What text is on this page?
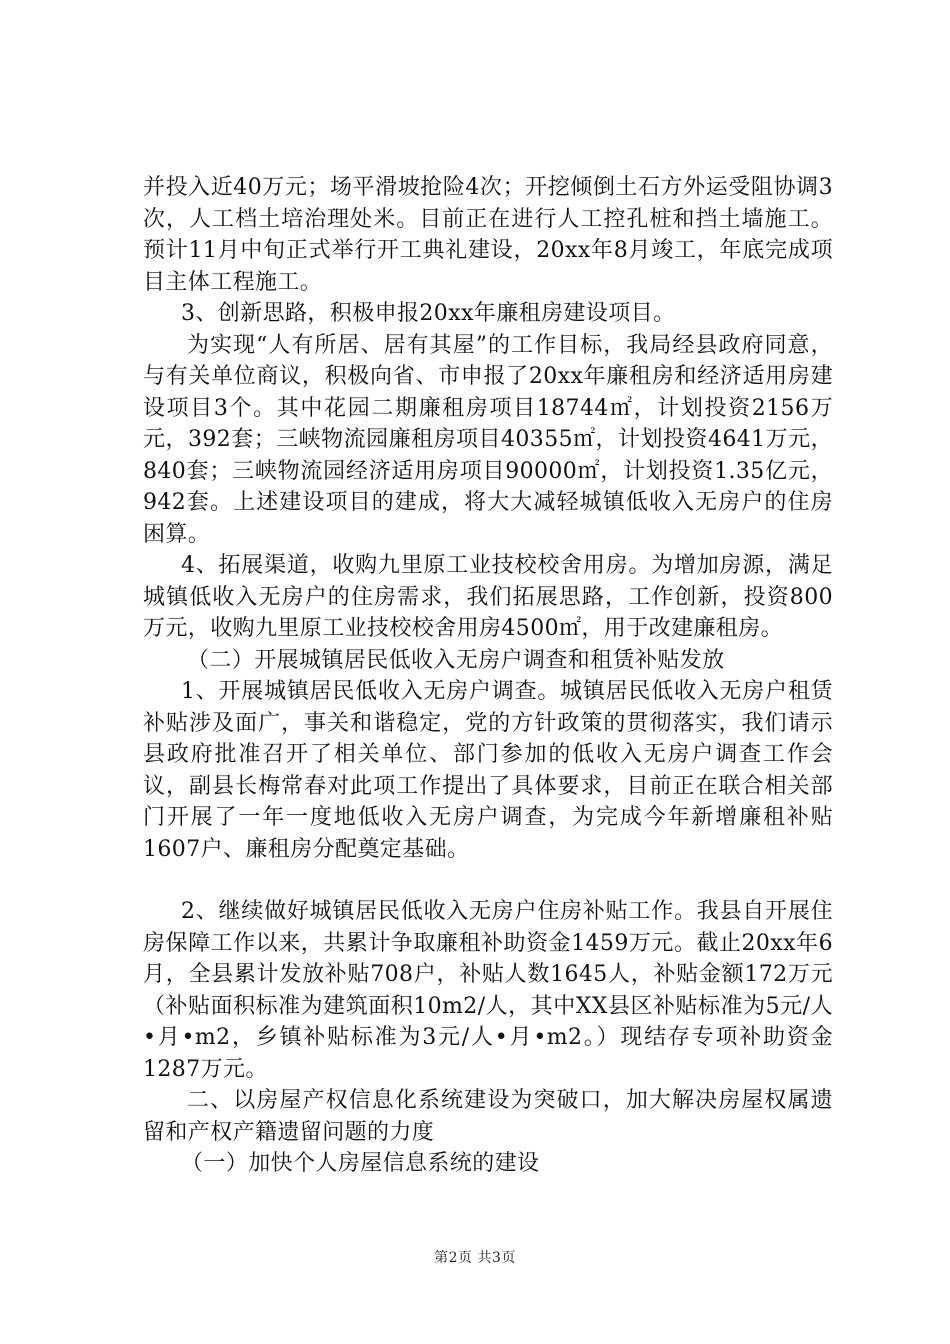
并投入近40万元；场平滑坡抢险4次；开挖倾倒土石方外运受阻协调3次，人工档土培治理处米。目前正在进行人工控孔桩和挡土墙施工。预计11月中旬正式举行开工典礼建设，20xx年8月竣工，年底完成项目主体工程施工。

3、创新思路，积极申报20xx年廉租房建设项目。

为实现“人有所居、居有其屋”的工作目标，我局经县政府同意，与有关单位商议，积极向省、市申报了20xx年廉租房和经济适用房建设项目3个。其中花园二期廉租房项目18744㎡，计划投资2156万元，392套；三峡物流园廉租房项目40355㎡，计划投资4641万元，840套；三峡物流园经济适用房项目90000㎡，计划投资1.35亿元，942套。上述建设项目的建成，将大大减轻城镇低收入无房户的住房困算。

4、拓展渠道，收购九里原工业技校校舍用房。为增加房源，满足城镇低收入无房户的住房需求，我们拓展思路，工作创新，投资800万元，收购九里原工业技校校舍用房4500㎡，用于改建廉租房。

（二）开展城镇居民低收入无房户调查和租赁补贴发放

1、开展城镇居民低收入无房户调查。城镇居民低收入无房户租赁补贴涉及面广，事关和谐稳定，党的方针政策的贯彻落实，我们请示县政府批准召开了相关单位、部门参加的低收入无房户调查工作会议，副县长梅常春对此项工作提出了具体要求，目前正在联合相关部门开展了一年一度地低收入无房户调查，为完成今年新增廉租补贴1607户、廉租房分配奠定基础。

2、继续做好城镇居民低收入无房户住房补贴工作。我县自开展住房保障工作以来，共累计争取廉租补助资金1459万元。截止20xx年6月，全县累计发放补贴708户，补贴人数1645人，补贴金额172万元（补贴面积标准为建筑面积10m2/人，其中XX县区补贴标准为5元/人•月•m2，乡镇补贴标准为3元/人•月•m2。）现结存专项补助资金1287万元。

二、以房屋产权信息化系统建设为突破口，加大解决房屋权属遗留和产权产籍遗留问题的力度

（一）加快个人房屋信息系统的建设

第2页 共3页
